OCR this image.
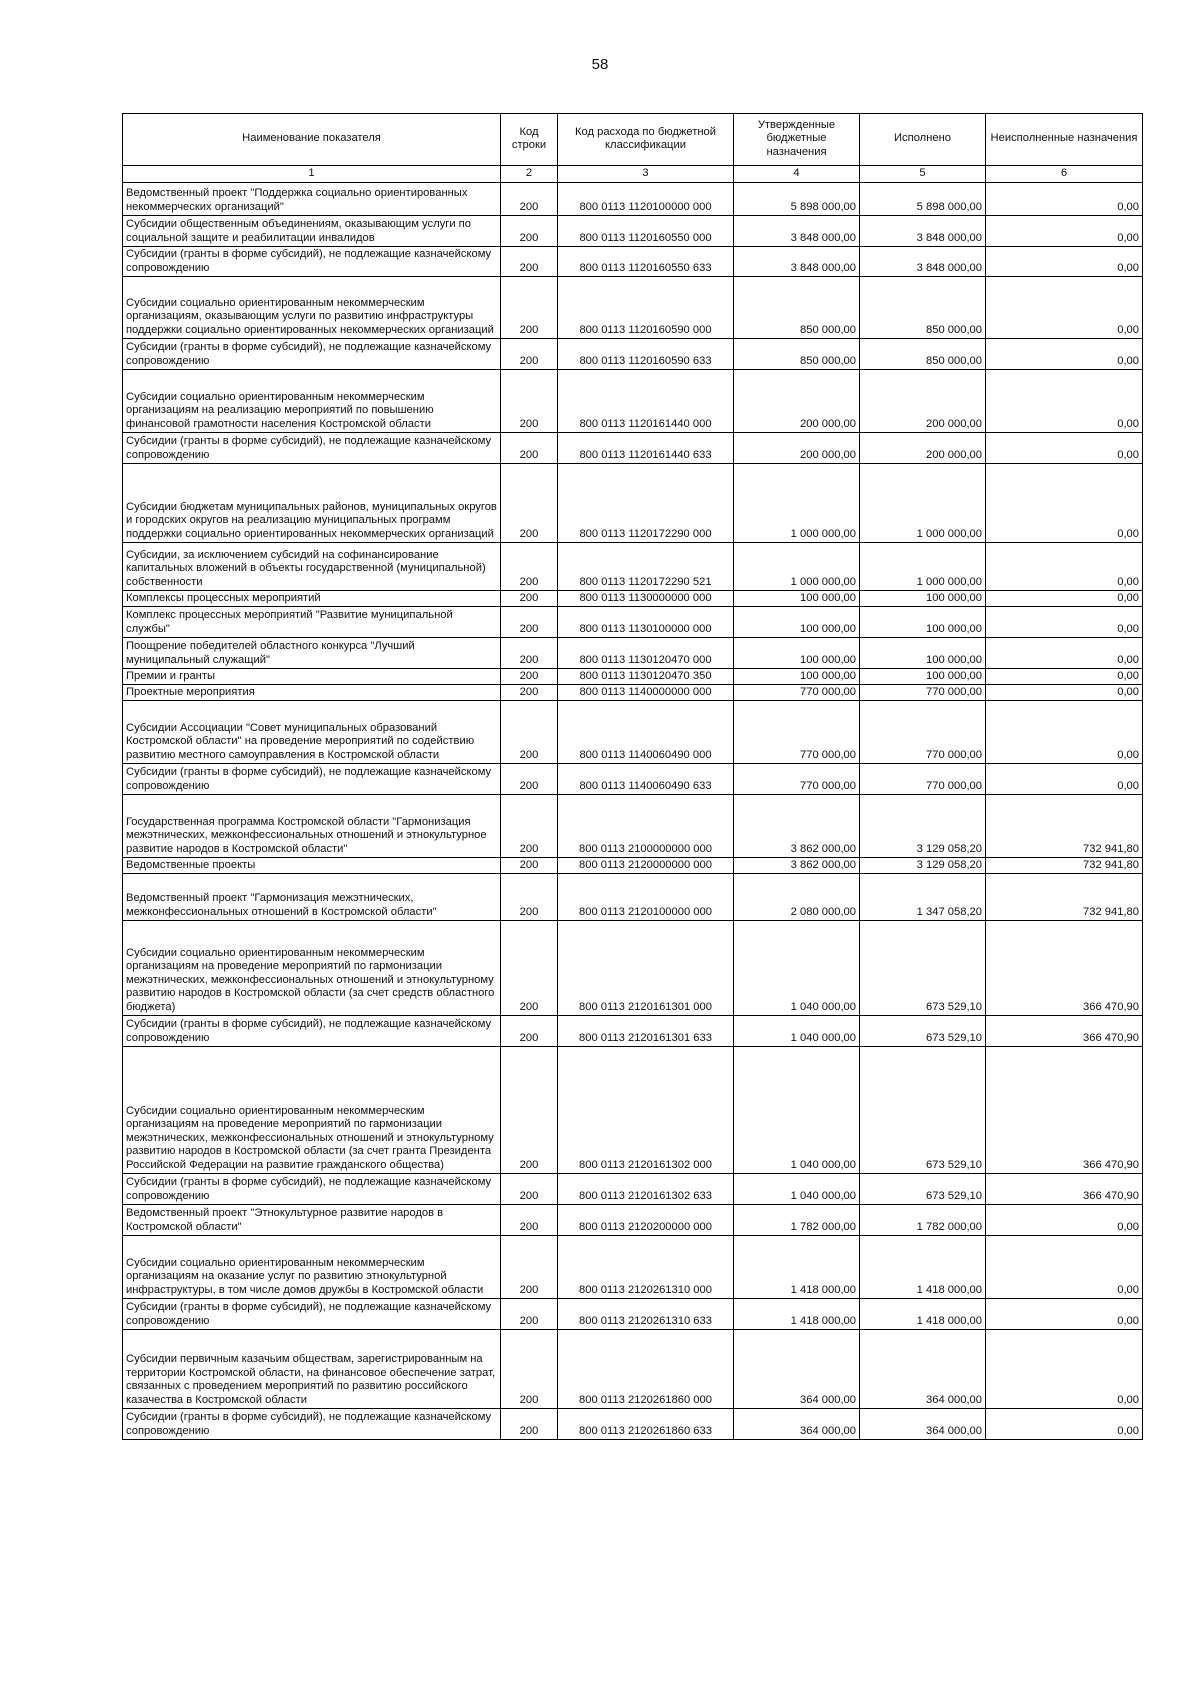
58
Наименование показателя	Код строки	Код расхода по бюджетной классификации	Утвержденные бюджетные назначения	Исполнено	Неисполненные назначения
1	2	3	4	5	6
Ведомственный проект "Поддержка социально ориентированных некоммерческих организаций"	200	800 0113 1120100000 000	5 898 000,00	5 898 000,00	0,00
Субсидии общественным объединениям, оказывающим услуги по социальной защите и реабилитации инвалидов	200	800 0113 1120160550 000	3 848 000,00	3 848 000,00	0,00
Субсидии (гранты в форме субсидий), не подлежащие казначейскому сопровождению	200	800 0113 1120160550 633	3 848 000,00	3 848 000,00	0,00
Субсидии социально ориентированным некоммерческим организациям, оказывающим услуги по развитию инфраструктуры поддержки социально ориентированных некоммерческих организаций	200	800 0113 1120160590 000	850 000,00	850 000,00	0,00
Субсидии (гранты в форме субсидий), не подлежащие казначейскому сопровождению	200	800 0113 1120160590 633	850 000,00	850 000,00	0,00
Субсидии социально ориентированным некоммерческим организациям на реализацию мероприятий по повышению финансовой грамотности населения Костромской области	200	800 0113 1120161440 000	200 000,00	200 000,00	0,00
Субсидии (гранты в форме субсидий), не подлежащие казначейскому сопровождению	200	800 0113 1120161440 633	200 000,00	200 000,00	0,00
Субсидии бюджетам муниципальных районов, муниципальных округов и городских округов на реализацию муниципальных программ поддержки социально ориентированных некоммерческих организаций	200	800 0113 1120172290 000	1 000 000,00	1 000 000,00	0,00
Субсидии, за исключением субсидий на софинансирование капитальных вложений в объекты государственной (муниципальной) собственности	200	800 0113 1120172290 521	1 000 000,00	1 000 000,00	0,00
Комплексы процессных мероприятий	200	800 0113 1130000000 000	100 000,00	100 000,00	0,00
Комплекс процессных мероприятий "Развитие муниципальной службы"	200	800 0113 1130100000 000	100 000,00	100 000,00	0,00
Поощрение победителей областного конкурса "Лучший муниципальный служащий"	200	800 0113 1130120470 000	100 000,00	100 000,00	0,00
Премии и гранты	200	800 0113 1130120470 350	100 000,00	100 000,00	0,00
Проектные мероприятия	200	800 0113 1140000000 000	770 000,00	770 000,00	0,00
Субсидии Ассоциации "Совет муниципальных образований Костромской области" на проведение мероприятий по содействию развитию местного самоуправления в Костромской области	200	800 0113 1140060490 000	770 000,00	770 000,00	0,00
Субсидии (гранты в форме субсидий), не подлежащие казначейскому сопровождению	200	800 0113 1140060490 633	770 000,00	770 000,00	0,00
Государственная программа Костромской области "Гармонизация межэтнических, межконфессиональных отношений и этнокультурное развитие народов в Костромской области"	200	800 0113 2100000000 000	3 862 000,00	3 129 058,20	732 941,80
Ведомственные проекты	200	800 0113 2120000000 000	3 862 000,00	3 129 058,20	732 941,80
Ведомственный проект "Гармонизация межэтнических, межконфессиональных отношений в Костромской области"	200	800 0113 2120100000 000	2 080 000,00	1 347 058,20	732 941,80
Субсидии социально ориентированным некоммерческим организациям на проведение мероприятий по гармонизации межэтнических, межконфессиональных отношений и этнокультурному развитию народов в Костромской области (за счет средств областного бюджета)	200	800 0113 2120161301 000	1 040 000,00	673 529,10	366 470,90
Субсидии (гранты в форме субсидий), не подлежащие казначейскому сопровождению	200	800 0113 2120161301 633	1 040 000,00	673 529,10	366 470,90
Субсидии социально ориентированным некоммерческим организациям на проведение мероприятий по гармонизации межэтнических, межконфессиональных отношений и этнокультурному развитию народов в Костромской области (за счет гранта Президента Российской Федерации на развитие гражданского общества)	200	800 0113 2120161302 000	1 040 000,00	673 529,10	366 470,90
Субсидии (гранты в форме субсидий), не подлежащие казначейскому сопровождению	200	800 0113 2120161302 633	1 040 000,00	673 529,10	366 470,90
Ведомственный проект "Этнокультурное развитие народов в Костромской области"	200	800 0113 2120200000 000	1 782 000,00	1 782 000,00	0,00
Субсидии социально ориентированным некоммерческим организациям на оказание услуг по развитию этнокультурной инфраструктуры, в том числе домов дружбы в Костромской области	200	800 0113 2120261310 000	1 418 000,00	1 418 000,00	0,00
Субсидии (гранты в форме субсидий), не подлежащие казначейскому сопровождению	200	800 0113 2120261310 633	1 418 000,00	1 418 000,00	0,00
Субсидии первичным казачьим обществам, зарегистрированным на территории Костромской области, на финансовое обеспечение затрат, связанных с проведением мероприятий по развитию российского казачества в Костромской области	200	800 0113 2120261860 000	364 000,00	364 000,00	0,00
Субсидии (гранты в форме субсидий), не подлежащие казначейскому сопровождению	200	800 0113 2120261860 633	364 000,00	364 000,00	0,00
